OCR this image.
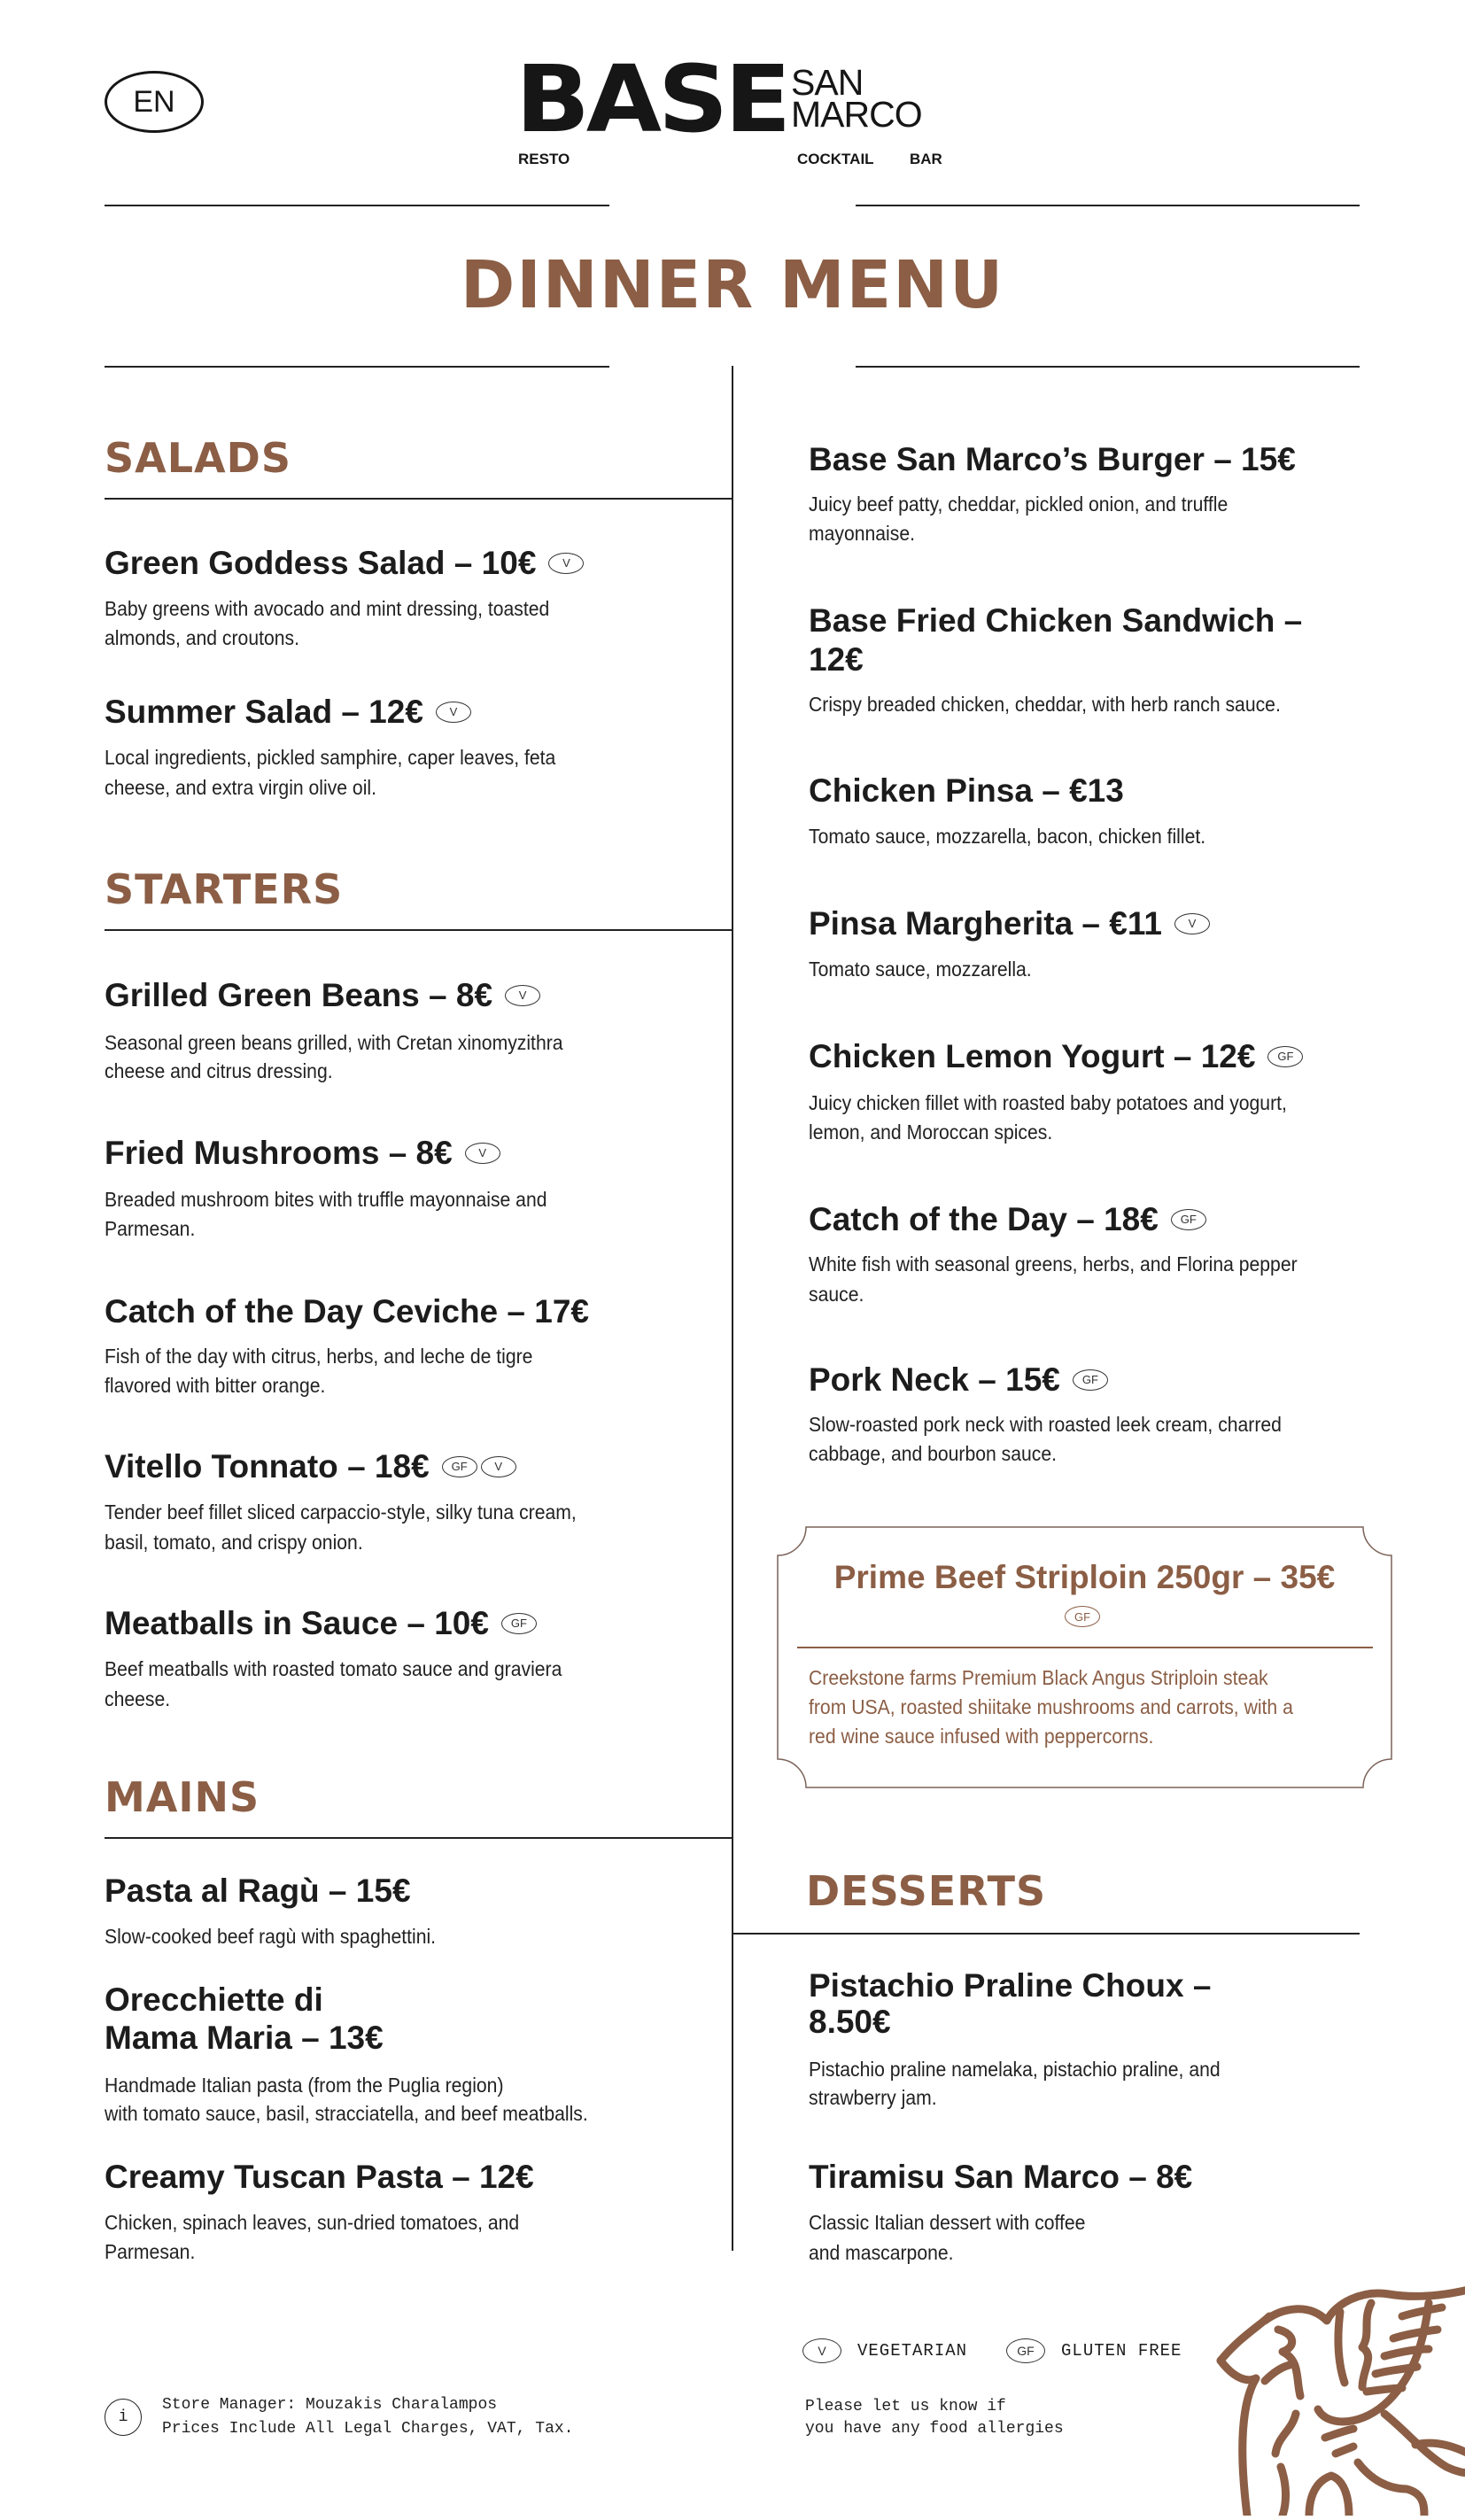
EN	BASE SAN
MARCO
RESTO	COCKTAIL BAR
DINNER MENU
SALADS
Green Goddess Salad – 10€	V
Baby greens with avocado and mint dressing, toasted
almonds, and croutons.
Summer Salad – 12€	V
Local ingredients, pickled samphire, caper leaves, feta
cheese, and extra virgin olive oil.
STARTERS
Grilled Green Beans – 8€	V
Seasonal green beans grilled, with Cretan xinomyzithra
cheese and citrus dressing.
Fried Mushrooms – 8€	V
Breaded mushroom bites with truffle mayonnaise and
Parmesan.
Catch of the Day Ceviche – 17€
Fish of the day with citrus, herbs, and leche de tigre
flavored with bitter orange.
Vitello Tonnato – 18€	GF	V
Tender beef fillet sliced carpaccio-style, silky tuna cream,
basil, tomato, and crispy onion.
Meatballs in Sauce – 10€	GF
Beef meatballs with roasted tomato sauce and graviera
cheese.
MAINS
Pasta al Ragù – 15€
Slow-cooked beef ragù with spaghettini.
Orecchiette di
Mama Maria – 13€
Handmade Italian pasta (from the Puglia region)
with tomato sauce, basil, stracciatella, and beef meatballs.
Creamy Tuscan Pasta – 12€
Chicken, spinach leaves, sun-dried tomatoes, and
Parmesan.
Base San Marco’s Burger – 15€
Juicy beef patty, cheddar, pickled onion, and truffle
mayonnaise.
Base Fried Chicken Sandwich –
12€
Crispy breaded chicken, cheddar, with herb ranch sauce.
Chicken Pinsa – €13
Tomato sauce, mozzarella, bacon, chicken fillet.
Pinsa Margherita – €11	V
Tomato sauce, mozzarella.
Chicken Lemon Yogurt – 12€	GF
Juicy chicken fillet with roasted baby potatoes and yogurt,
lemon, and Moroccan spices.
Catch of the Day – 18€	GF
White fish with seasonal greens, herbs, and Florina pepper
sauce.
Pork Neck – 15€	GF
Slow-roasted pork neck with roasted leek cream, charred
cabbage, and bourbon sauce.
Prime Beef Striploin 250gr – 35€
GF
Creekstone farms Premium Black Angus Striploin steak
from USA, roasted shiitake mushrooms and carrots, with a
red wine sauce infused with peppercorns.
DESSERTS
Pistachio Praline Choux –
8.50€
Pistachio praline namelaka, pistachio praline, and
strawberry jam.
Tiramisu San Marco – 8€
Classic Italian dessert with coffee
and mascarpone.
i
Store Manager: Mouzakis Charalampos
Prices Include All Legal Charges, VAT, Tax.
V	VEGETARIAN	GF	GLUTEN FREE
Please let us know if
you have any food allergies
